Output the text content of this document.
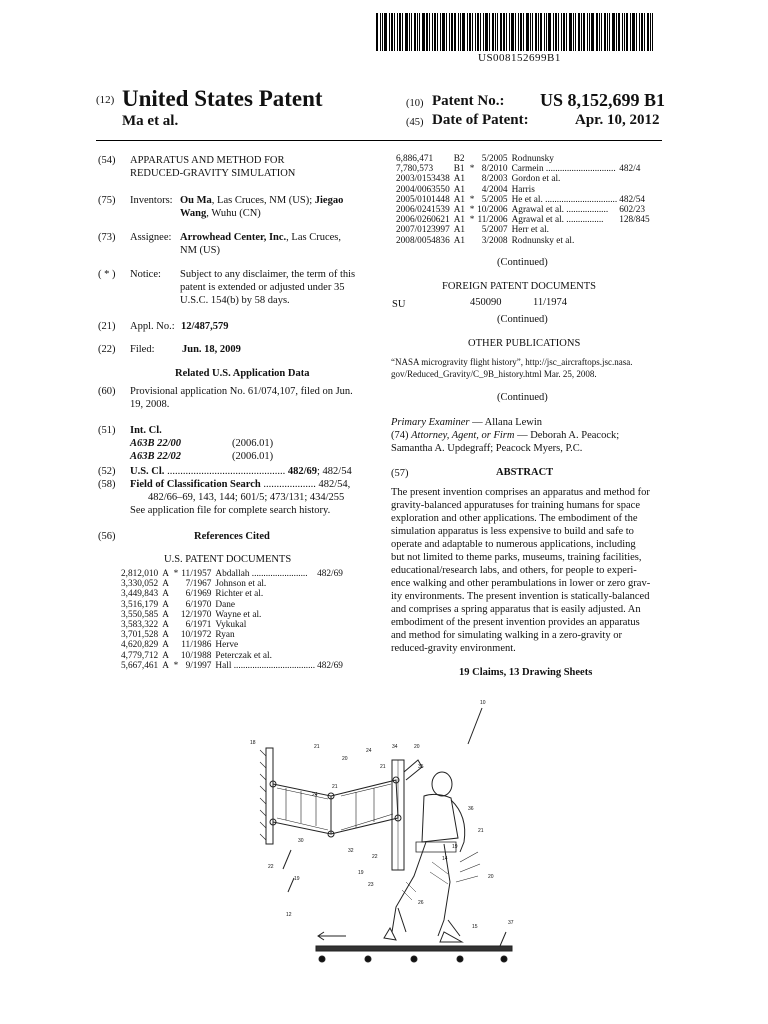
US008152699B1
(12) United States Patent
Ma et al.
(10) Patent No.: US 8,152,699 B1
(45) Date of Patent:	Apr. 10, 2012
(54) APPARATUS AND METHOD FOR
REDUCED-GRAVITY SIMULATION
(75) Inventors: Ou Ma, Las Cruces, NM (US); Jiegao
Wang, Wuhu (CN)
(73) Assignee: Arrowhead Center, Inc., Las Cruces,
NM (US)
( * ) Notice: Subject to any disclaimer, the term of this
patent is extended or adjusted under 35
U.S.C. 154(b) by 58 days.
(21) Appl. No.: 12/487,579
(22) Filed:	Jun. 18, 2009
Related U.S. Application Data
(60) Provisional application No. 61/074,107, filed on Jun.
19, 2008.
(51) Int. Cl.
A63B 22/00	(2006.01)
A63B 22/02	(2006.01)
(52) U.S. Cl. ............................................. 482/69; 482/54
(58) Field of Classification Search .................... 482/54,
482/66–69, 143, 144; 601/5; 473/131; 434/255
See application file for complete search history.
(56)	References Cited
U.S. PATENT DOCUMENTS
2,812,010	A	*	11/1957	Abdallah ........................	482/69
3,330,052	A		7/1967	Johnson et al.	
3,449,843	A		6/1969	Richter et al.	
3,516,179	A		6/1970	Dane	
3,550,585	A		12/1970	Wayne et al.	
3,583,322	A		6/1971	Vykukal	
3,701,528	A		10/1972	Ryan	
4,620,829	A		11/1986	Herve	
4,779,712	A		10/1988	Peterczak et al.	
5,667,461	A	*	9/1997	Hall ...................................	482/69
6,886,471	B2		5/2005	Rodnunsky	
7,780,573	B1	*	8/2010	Carmein ..............................	482/4
2003/0153438	A1		8/2003	Gordon et al.	
2004/0063550	A1		4/2004	Harris	
2005/0101448	A1	*	5/2005	He et al. ...............................	482/54
2006/0241539	A1	*	10/2006	Agrawal et al. ..................	602/23
2006/0260621	A1	*	11/2006	Agrawal et al. ................	128/845
2007/0123997	A1		5/2007	Herr et al.	
2008/0054836	A1		3/2008	Rodnunsky et al.	
(Continued)
FOREIGN PATENT DOCUMENTS
SU	450090	11/1974
(Continued)
OTHER PUBLICATIONS
“NASA microgravity flight history”, http://jsc_aircraftops.jsc.nasa.
gov/Reduced_Gravity/C_9B_history.html Mar. 25, 2008.
(Continued)
Primary Examiner — Allana Lewin
(74) Attorney, Agent, or Firm — Deborah A. Peacock;
Samantha A. Updegraff; Peacock Myers, P.C.
(57)	ABSTRACT
The present invention comprises an apparatus and method for
gravity-balanced appuratuses for training humans for space
exploration and other applications. The embodiment of the
simulation apparatus is less expensive to build and safe to
operate and adaptable to numerous applications, including
but not limited to theme parks, museums, training facilities,
educational/research labs, and others, for people to experi-
ence walking and other perambulations in lower or zero grav-
ity environments. The present invention is statically-balanced
and comprises a spring apparatus that is easily adjusted. An
embodiment of the present invention provides an apparatus
and method for simulating walking in a zero-gravity or
reduced-gravity environment.
19 Claims, 13 Drawing Sheets
10
18
21
20
24
34	20
21	35
21
24
36
21
30
32
22	14
19
22
19
19
23
20
26
15
12
37
